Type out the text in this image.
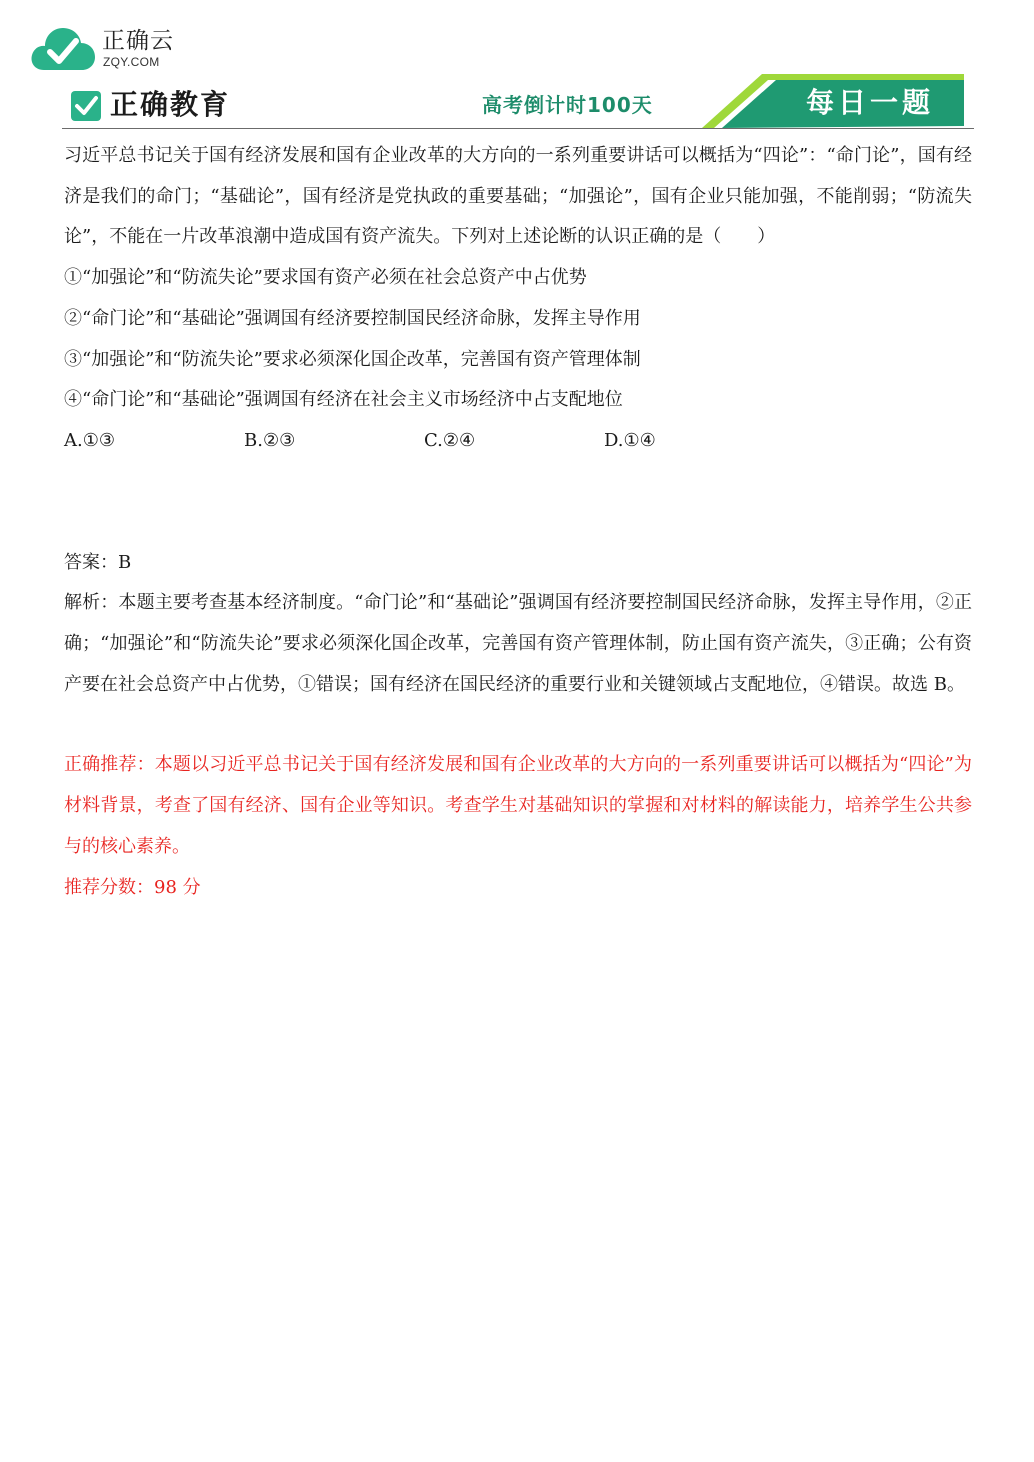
正确云
ZQY.COM
正确教育	高考倒计时100天	每日一题

习近平总书记关于国有经济发展和国有企业改革的大方向的一系列重要讲话可以概括为“四论”：“命门论”，国有经济是我们的命门；“基础论”，国有经济是党执政的重要基础；“加强论”，国有企业只能加强，不能削弱；“防流失论”，不能在一片改革浪潮中造成国有资产流失。下列对上述论断的认识正确的是（　　）

①“加强论”和“防流失论”要求国有资产必须在社会总资产中占优势

②“命门论”和“基础论”强调国有经济要控制国民经济命脉，发挥主导作用

③“加强论”和“防流失论”要求必须深化国企改革，完善国有资产管理体制

④“命门论”和“基础论”强调国有经济在社会主义市场经济中占支配地位

A.①③	B.②③	C.②④	D.①④

答案：B

解析：本题主要考查基本经济制度。“命门论”和“基础论”强调国有经济要控制国民经济命脉，发挥主导作用，②正确；“加强论”和“防流失论”要求必须深化国企改革，完善国有资产管理体制，防止国有资产流失，③正确；公有资产要在社会总资产中占优势，①错误；国有经济在国民经济的重要行业和关键领域占支配地位，④错误。故选 B。

正确推荐：本题以习近平总书记关于国有经济发展和国有企业改革的大方向的一系列重要讲话可以概括为“四论”为材料背景，考查了国有经济、国有企业等知识。考查学生对基础知识的掌握和对材料的解读能力，培养学生公共参与的核心素养。

推荐分数：98 分
